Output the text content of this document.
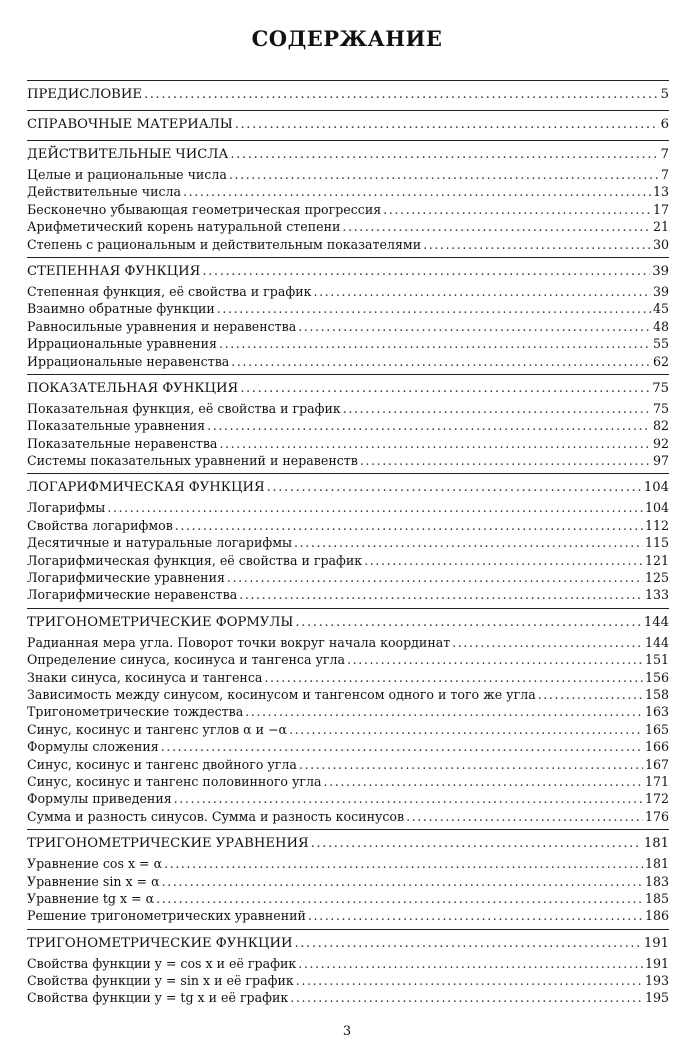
СОДЕРЖАНИЕ
ПРЕДИСЛОВИЕ .....	5
СПРАВОЧНЫЕ МАТЕРИАЛЫ .....	6
ДЕЙСТВИТЕЛЬНЫЕ ЧИСЛА .....	7
Целые и рациональные числа .....	7
Действительные числа .....	13
Бесконечно убывающая геометрическая прогрессия .....	17
Арифметический корень натуральной степени .....	21
Степень с рациональным и действительным показателями .....	30
СТЕПЕННАЯ ФУНКЦИЯ .....	39
Степенная функция, её свойства и график .....	39
Взаимно обратные функции .....	45
Равносильные уравнения и неравенства .....	48
Иррациональные уравнения .....	55
Иррациональные неравенства .....	62
ПОКАЗАТЕЛЬНАЯ ФУНКЦИЯ .....	75
Показательная функция, её свойства и график .....	75
Показательные уравнения .....	82
Показательные неравенства .....	92
Системы показательных уравнений и неравенств .....	97
ЛОГАРИФМИЧЕСКАЯ ФУНКЦИЯ .....	104
Логарифмы .....	104
Свойства логарифмов .....	112
Десятичные и натуральные логарифмы .....	115
Логарифмическая функция, её свойства и график .....	121
Логарифмические уравнения .....	125
Логарифмические неравенства .....	133
ТРИГОНОМЕТРИЧЕСКИЕ ФОРМУЛЫ .....	144
Радианная мера угла. Поворот точки вокруг начала координат .....	144
Определение синуса, косинуса и тангенса угла .....	151
Знаки синуса, косинуса и тангенса .....	156
Зависимость между синусом, косинусом и тангенсом одного и того же угла .....	158
Тригонометрические тождества .....	163
Синус, косинус и тангенс углов α и −α .....	165
Формулы сложения .....	166
Синус, косинус и тангенс двойного угла .....	167
Синус, косинус и тангенс половинного угла .....	171
Формулы приведения .....	172
Сумма и разность синусов. Сумма и разность косинусов .....	176
ТРИГОНОМЕТРИЧЕСКИЕ УРАВНЕНИЯ .....	181
Уравнение cos x = α .....	181
Уравнение sin x = α .....	183
Уравнение tg x = α .....	185
Решение тригонометрических уравнений .....	186
ТРИГОНОМЕТРИЧЕСКИЕ ФУНКЦИИ .....	191
Свойства функции y = cos x и её график .....	191
Свойства функции y = sin x и её график .....	193
Свойства функции y = tg x и её график .....	195
3
